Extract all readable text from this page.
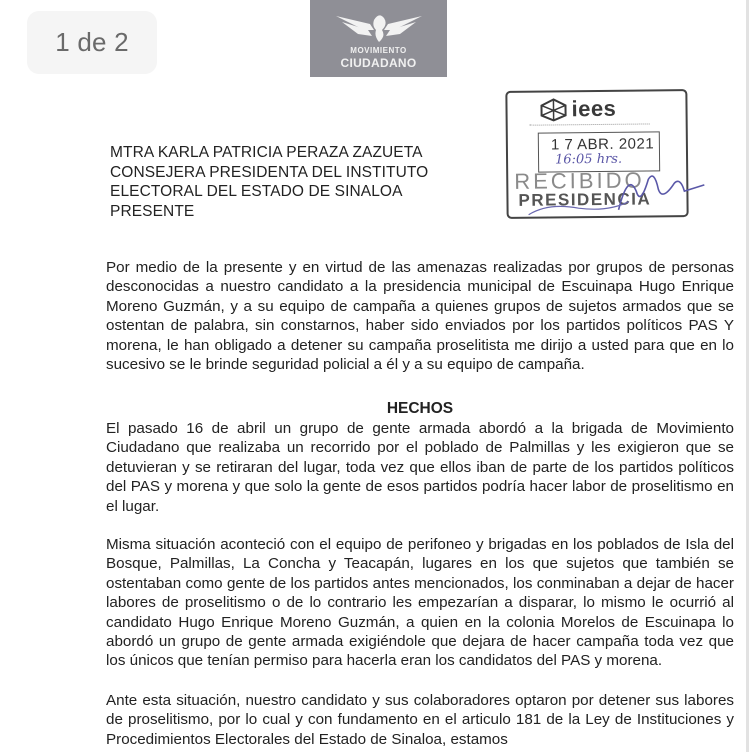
1 de 2	MOVIMIENTO
CIUDADANO
iees
1 7 ABR. 2021
16:05 hrs.
RECIBIDO
PRESIDENCIA
MTRA KARLA PATRICIA PERAZA ZAZUETA
CONSEJERA PRESIDENTA DEL INSTITUTO
ELECTORAL DEL ESTADO DE SINALOA
PRESENTE
Por medio de la presente y en virtud de las amenazas realizadas por grupos de personas desconocidas a nuestro candidato a la presidencia municipal de Escuinapa Hugo Enrique Moreno Guzmán, y a su equipo de campaña a quienes grupos de sujetos armados que se ostentan de palabra, sin constarnos, haber sido enviados por los partidos políticos PAS Y morena, le han obligado a detener su campaña proselitista me dirijo a usted para que en lo sucesivo se le brinde seguridad policial a él y a su equipo de campaña.
HECHOS
El pasado 16 de abril un grupo de gente armada abordó a la brigada de Movimiento Ciudadano que realizaba un recorrido por el poblado de Palmillas y les exigieron que se detuvieran y se retiraran del lugar, toda vez que ellos iban de parte de los partidos políticos del PAS y morena y que solo la gente de esos partidos podría hacer labor de proselitismo en el lugar.
Misma situación aconteció con el equipo de perifoneo y brigadas en los poblados de Isla del Bosque, Palmillas, La Concha y Teacapán, lugares en los que sujetos que también se ostentaban como gente de los partidos antes mencionados, los conminaban a dejar de hacer labores de proselitismo o de lo contrario les empezarían a disparar, lo mismo le ocurrió al candidato Hugo Enrique Moreno Guzmán, a quien en la colonia Morelos de Escuinapa lo abordó un grupo de gente armada exigiéndole que dejara de hacer campaña toda vez que los únicos que tenían permiso para hacerla eran los candidatos del PAS y morena.
Ante esta situación, nuestro candidato y sus colaboradores optaron por detener sus labores de proselitismo, por lo cual y con fundamento en el articulo 181 de la Ley de Instituciones y Procedimientos Electorales del Estado de Sinaloa, estamos
